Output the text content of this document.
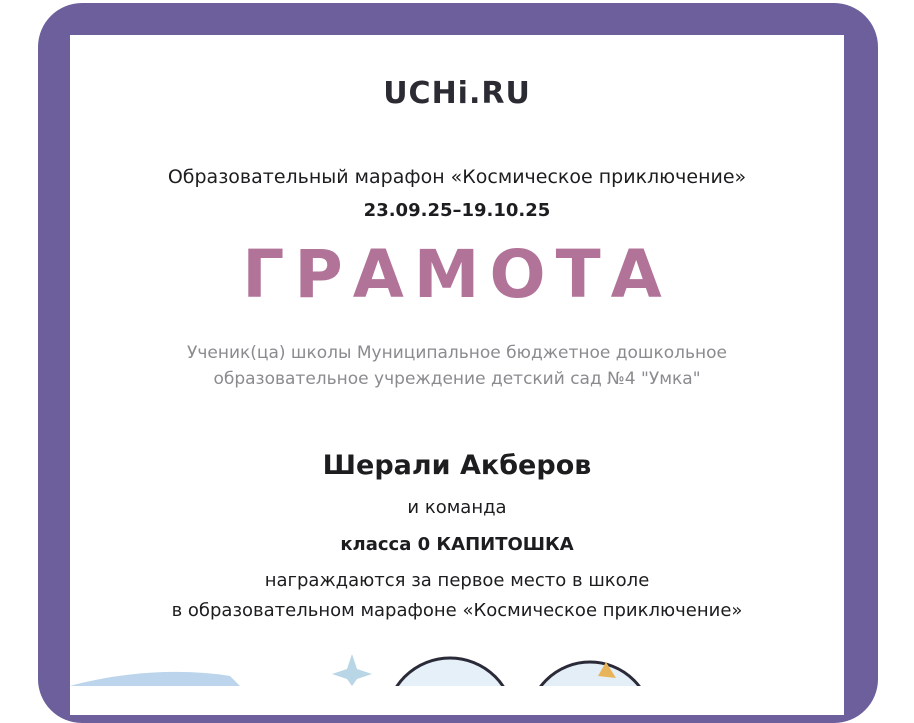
UCHi.RU
Образовательный марафон «Космическое приключение»
23.09.25–19.10.25
ГРАМОТА
Ученик(ца) школы Муниципальное бюджетное дошкольное
образовательное учреждение детский сад №4 "Умка"
Шерали Акберов
и команда
класса 0 КАПИТОШКА
награждаются за первое место в школе
в образовательном марафоне «Космическое приключение»
